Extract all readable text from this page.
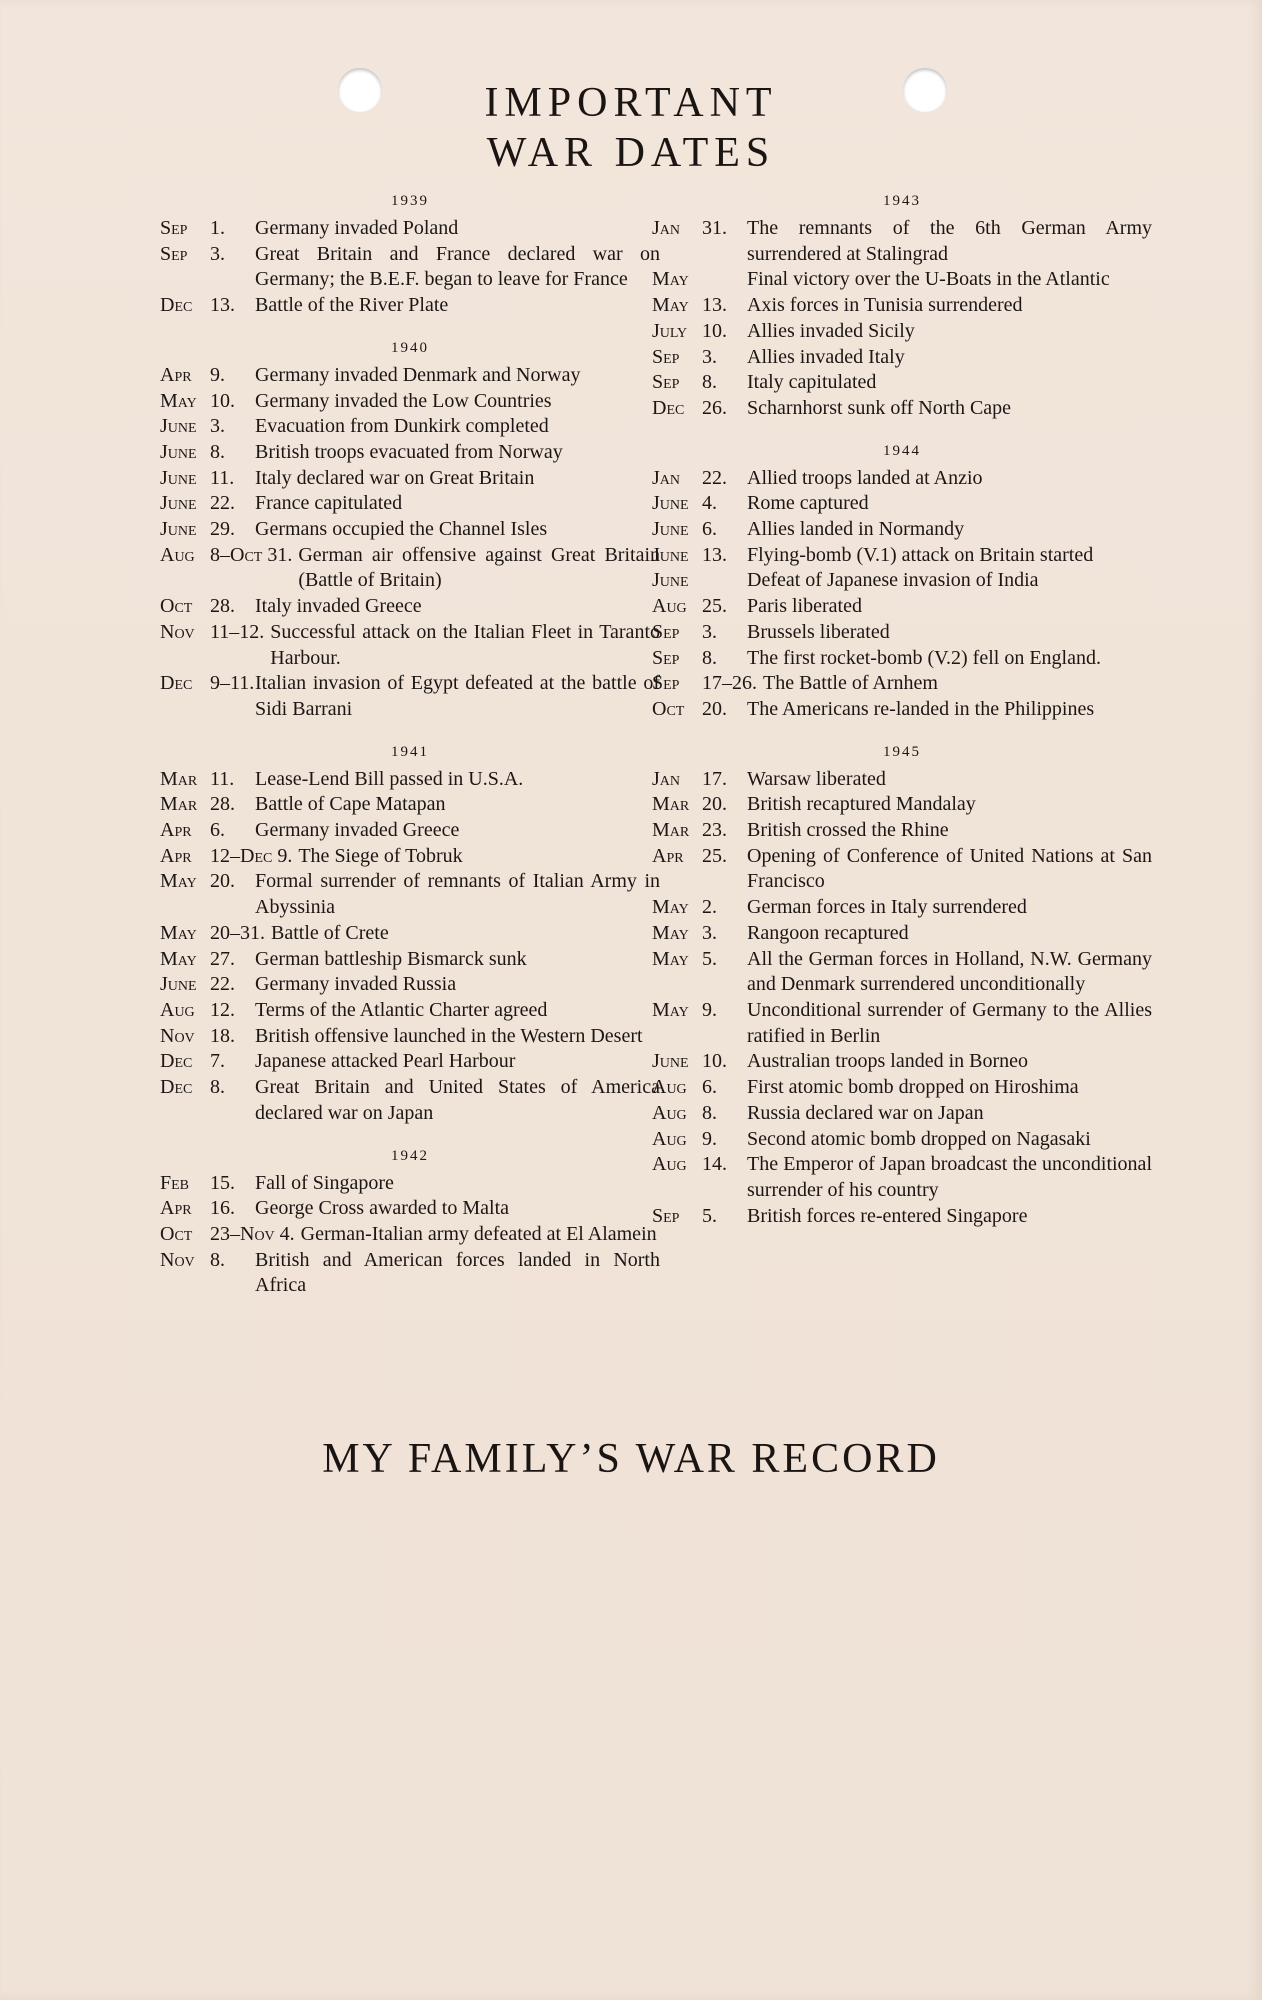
IMPORTANT
WAR DATES
1939
Sep 1.	Germany invaded Poland
Sep 3.	Great Britain and France declared war on Germany; the B.E.F. began to leave for France
Dec 13.	Battle of the River Plate
1940
Apr 9.	Germany invaded Denmark and Norway
May 10.	Germany invaded the Low Countries
June 3.	Evacuation from Dunkirk completed
June 8.	British troops evacuated from Norway
June 11.	Italy declared war on Great Britain
June 22.	France capitulated
June 29.	Germans occupied the Channel Isles
Aug 8–Oct 31. German air offensive against Great Britain (Battle of Britain)
Oct 28.	Italy invaded Greece
Nov 11–12. Successful attack on the Italian Fleet in Taranto Harbour.
Dec 9–11. Italian invasion of Egypt defeated at the battle of Sidi Barrani
1941
Mar 11.	Lease-Lend Bill passed in U.S.A.
Mar 28.	Battle of Cape Matapan
Apr 6.	Germany invaded Greece
Apr 12–Dec 9. The Siege of Tobruk
May 20.	Formal surrender of remnants of Italian Army in Abyssinia
May 20–31. Battle of Crete
May 27.	German battleship Bismarck sunk
June 22.	Germany invaded Russia
Aug 12.	Terms of the Atlantic Charter agreed
Nov 18.	British offensive launched in the Western Desert
Dec 7.	Japanese attacked Pearl Harbour
Dec 8.	Great Britain and United States of America declared war on Japan
1942
Feb 15.	Fall of Singapore
Apr 16.	George Cross awarded to Malta
Oct 23–Nov 4. German-Italian army defeated at El Alamein
Nov 8.	British and American forces landed in North Africa
1943
Jan 31.	The remnants of the 6th German Army surrendered at Stalingrad
May	Final victory over the U-Boats in the Atlantic
May 13.	Axis forces in Tunisia surrendered
July 10.	Allies invaded Sicily
Sep 3.	Allies invaded Italy
Sep 8.	Italy capitulated
Dec 26.	Scharnhorst sunk off North Cape
1944
Jan 22.	Allied troops landed at Anzio
June 4.	Rome captured
June 6.	Allies landed in Normandy
June 13.	Flying-bomb (V.1) attack on Britain started
June	Defeat of Japanese invasion of India
Aug 25.	Paris liberated
Sep 3.	Brussels liberated
Sep 8.	The first rocket-bomb (V.2) fell on England.
Sep 17–26. The Battle of Arnhem
Oct 20.	The Americans re-landed in the Philippines
1945
Jan 17.	Warsaw liberated
Mar 20.	British recaptured Mandalay
Mar 23.	British crossed the Rhine
Apr 25.	Opening of Conference of United Nations at San Francisco
May 2.	German forces in Italy surrendered
May 3.	Rangoon recaptured
May 5.	All the German forces in Holland, N.W. Germany and Denmark surrendered unconditionally
May 9.	Unconditional surrender of Germany to the Allies ratified in Berlin
June 10.	Australian troops landed in Borneo
Aug 6.	First atomic bomb dropped on Hiroshima
Aug 8.	Russia declared war on Japan
Aug 9.	Second atomic bomb dropped on Nagasaki
Aug 14.	The Emperor of Japan broadcast the unconditional surrender of his country
Sep 5.	British forces re-entered Singapore
MY FAMILY’S WAR RECORD
